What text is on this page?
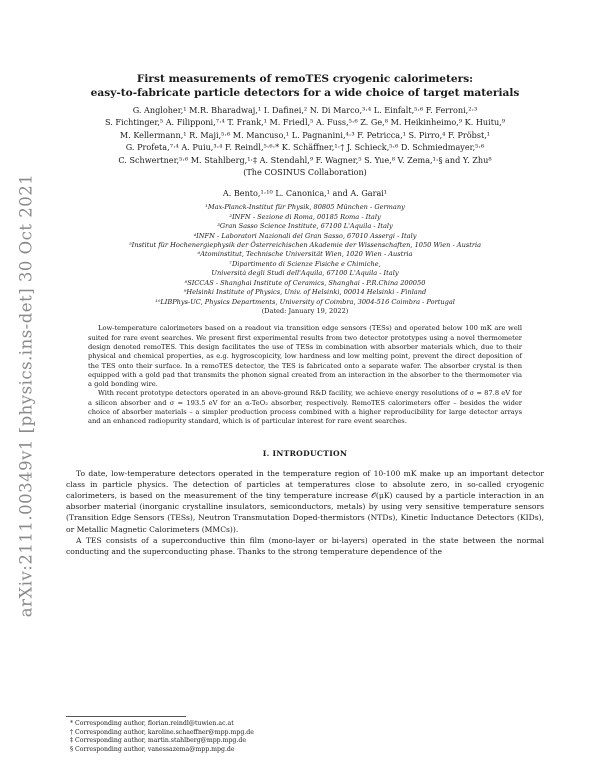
arXiv:2111.00349v1 [physics.ins-det] 30 Oct 2021
First measurements of remoTES cryogenic calorimeters:
easy-to-fabricate particle detectors for a wide choice of target materials
G. Angloher,¹ M.R. Bharadwaj,¹ I. Dafinei,² N. Di Marco,³·⁴ L. Einfalt,⁵·⁶ F. Ferroni,²·³
S. Fichtinger,⁵ A. Filipponi,⁷·⁴ T. Frank,¹ M. Friedl,⁵ A. Fuss,⁵·⁶ Z. Ge,⁸ M. Heikinheimo,⁹ K. Huitu,⁹
M. Kellermann,¹ R. Maji,⁵·⁶ M. Mancuso,¹ L. Pagnanini,⁴·³ F. Petricca,¹ S. Pirro,⁴ F. Pröbst,¹
G. Profeta,⁷·⁴ A. Puiu,³·⁴ F. Reindl,⁵·⁶·* K. Schäffner,¹·† J. Schieck,⁵·⁶ D. Schmiedmayer,⁵·⁶
C. Schwertner,⁵·⁶ M. Stahlberg,¹·‡ A. Stendahl,⁹ F. Wagner,⁵ S. Yue,⁸ V. Zema,¹·§ and Y. Zhu⁸
(The COSINUS Collaboration)
A. Bento,¹·¹⁰ L. Canonica,¹ and A. Garai¹
¹Max-Planck-Institut für Physik, 80805 München - Germany
²INFN - Sezione di Roma, 00185 Roma - Italy
³Gran Sasso Science Institute, 67100 L'Aquila - Italy
⁴INFN - Laboratori Nazionali del Gran Sasso, 67010 Assergi - Italy
⁵Institut für Hochenergiephysik der Österreichischen Akademie der Wissenschaften, 1050 Wien - Austria
⁶Atominstitut, Technische Universität Wien, 1020 Wien - Austria
⁷Dipartimento di Scienze Fisiche e Chimiche,
Università degli Studi dell'Aquila, 67100 L'Aquila - Italy
⁸SICCAS - Shanghai Institute of Ceramics, Shanghai - P.R.China 200050
⁹Helsinki Institute of Physics, Univ. of Helsinki, 00014 Helsinki - Finland
¹⁰LIBPhys-UC, Physics Departments, University of Coimbra, 3004-516 Coimbra - Portugal
(Dated: January 19, 2022)

Low-temperature calorimeters based on a readout via transition edge sensors (TESs) and operated below 100 mK are well suited for rare event searches. We present first experimental results from two detector prototypes using a novel thermometer design denoted remoTES. This design facilitates the use of TESs in combination with absorber materials which, due to their physical and chemical properties, as e.g. hygroscopicity, low hardness and low melting point, prevent the direct deposition of the TES onto their surface. In a remoTES detector, the TES is fabricated onto a separate wafer. The absorber crystal is then equipped with a gold pad that transmits the phonon signal created from an interaction in the absorber to the thermometer via a gold bonding wire.

With recent prototype detectors operated in an above-ground R&D facility, we achieve energy resolutions of σ = 87.8 eV for a silicon absorber and σ = 193.5 eV for an α-TeO₂ absorber, respectively. RemoTES calorimeters offer – besides the wider choice of absorber materials – a simpler production process combined with a higher reproducibility for large detector arrays and an enhanced radiopurity standard, which is of particular interest for rare event searches.

I. INTRODUCTION

To date, low-temperature detectors operated in the temperature region of 10-100 mK make up an important detector class in particle physics. The detection of particles at temperatures close to absolute zero, in so-called cryogenic calorimeters, is based on the measurement of the tiny temperature increase 𝒪(μK) caused by a particle interaction in an absorber material (inorganic crystalline insulators, semiconductors, metals) by using very sensitive temperature sensors (Transition Edge Sensors (TESs), Neutron Transmutation Doped-thermistors (NTDs), Kinetic Inductance Detectors (KIDs), or Metallic Magnetic Calorimeters (MMCs)).

A TES consists of a superconductive thin film (mono-layer or bi-layers) operated in the state between the normal conducting and the superconducting phase. Thanks to the strong temperature dependence of the

* Corresponding author, florian.reindl@tuwien.ac.at
† Corresponding author, karoline.schaeffner@mpp.mpg.de
‡ Corresponding author, martin.stahlberg@mpp.mpg.de
§ Corresponding author, vanessazema@mpp.mpg.de
